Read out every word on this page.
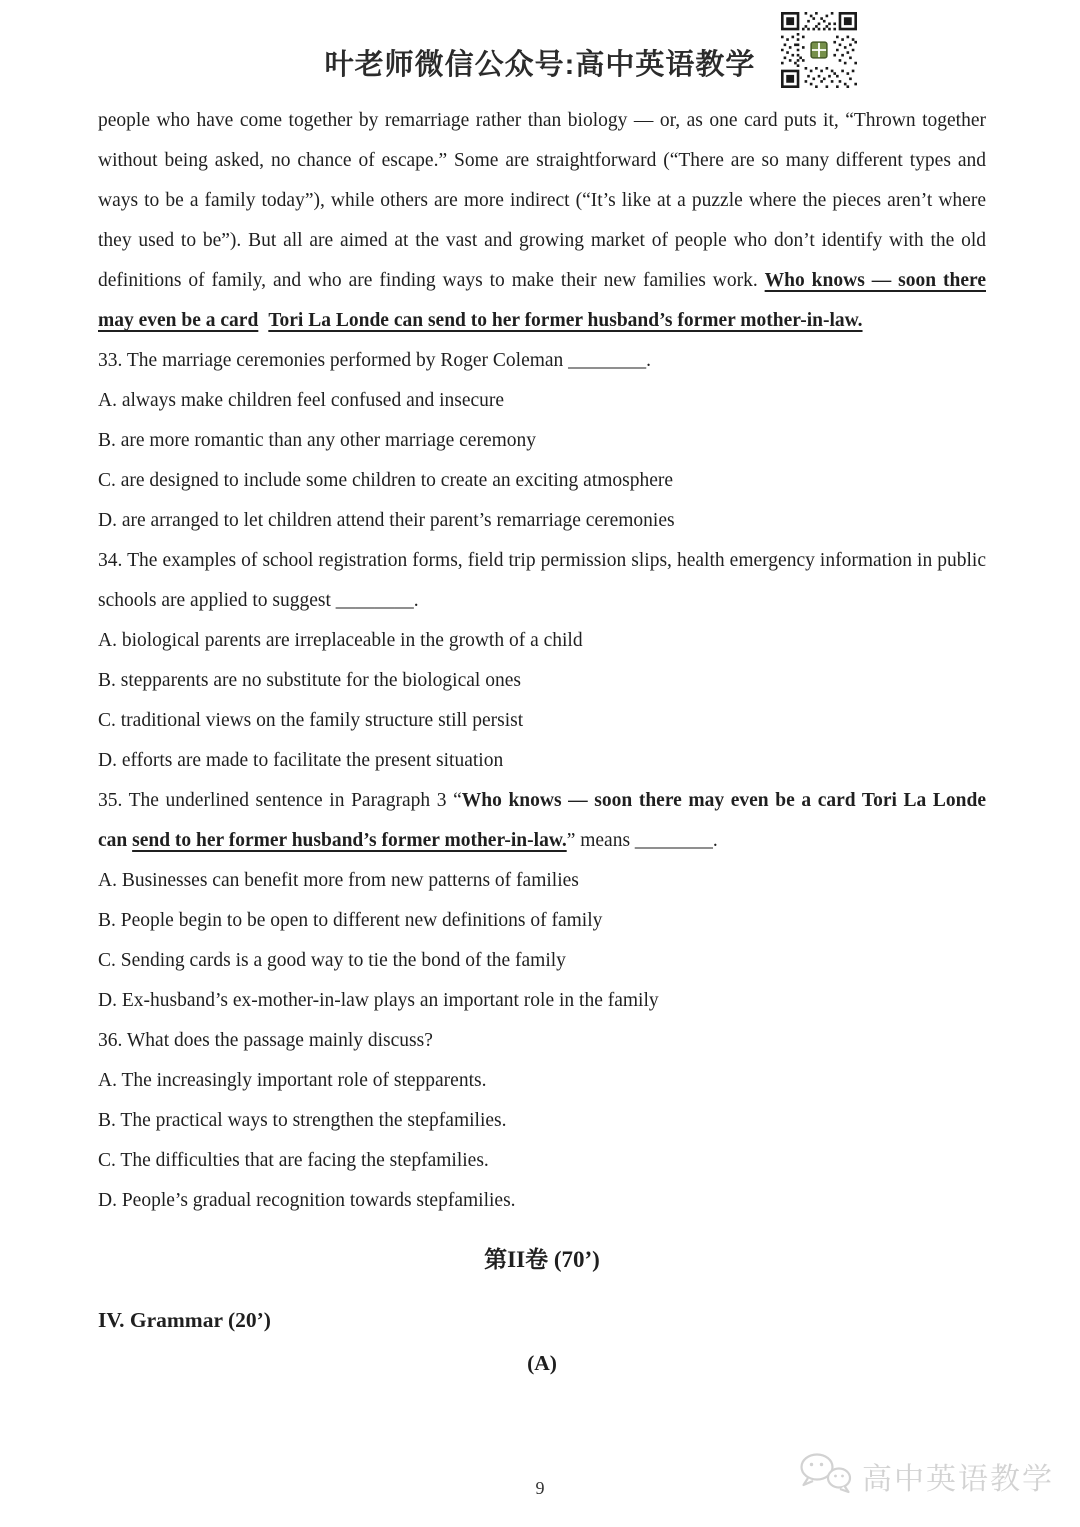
叶老师微信公众号:高中英语教学

people who have come together by remarriage rather than biology — or, as one card puts it, “Thrown together without being asked, no chance of escape.” Some are straightforward (“There are so many different types and ways to be a family today”), while others are more indirect (“It’s like at a puzzle where the pieces aren’t where they used to be”). But all are aimed at the vast and growing market of people who don’t identify with the old definitions of family, and who are finding ways to make their new families work. Who knows — soon there may even be a card Tori La Londe can send to her former husband’s former mother-in-law.

33. The marriage ceremonies performed by Roger Coleman ________.
A. always make children feel confused and insecure
B. are more romantic than any other marriage ceremony
C. are designed to include some children to create an exciting atmosphere
D. are arranged to let children attend their parent’s remarriage ceremonies
34. The examples of school registration forms, field trip permission slips, health emergency information in public schools are applied to suggest ________.
A. biological parents are irreplaceable in the growth of a child
B. stepparents are no substitute for the biological ones
C. traditional views on the family structure still persist
D. efforts are made to facilitate the present situation
35. The underlined sentence in Paragraph 3 “Who knows — soon there may even be a card Tori La Londe can send to her former husband’s former mother-in-law.” means ________.
A. Businesses can benefit more from new patterns of families
B. People begin to be open to different new definitions of family
C. Sending cards is a good way to tie the bond of the family
D. Ex-husband’s ex-mother-in-law plays an important role in the family
36. What does the passage mainly discuss?
A. The increasingly important role of stepparents.
B. The practical ways to strengthen the stepfamilies.
C. The difficulties that are facing the stepfamilies.
D. People’s gradual recognition towards stepfamilies.
第II卷 (70’)
IV. Grammar (20’)
(A)
9	高中英语教学
